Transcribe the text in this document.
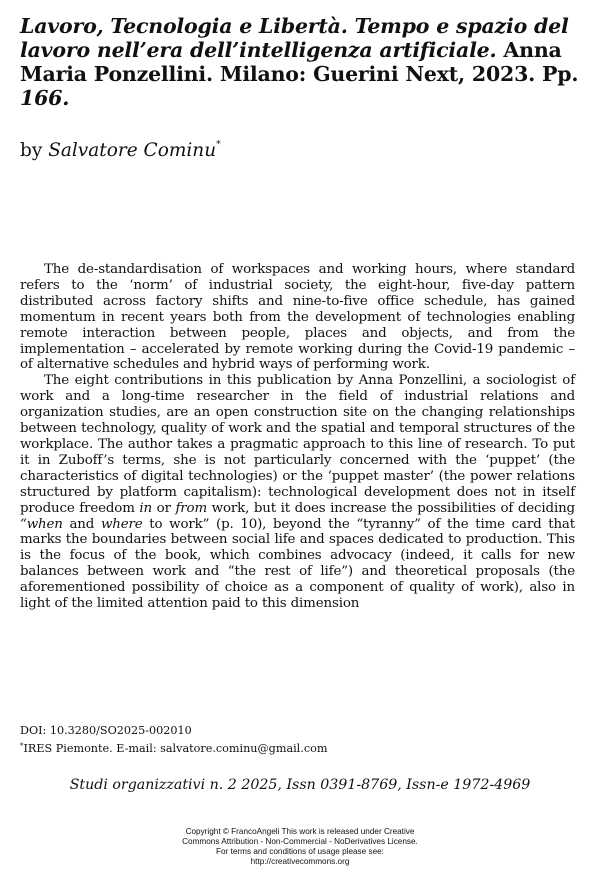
Lavoro, Tecnologia e Libertà. Tempo e spazio del lavoro nell’era dell’intelligenza artificiale. Anna Maria Ponzellini. Milano: Guerini Next, 2023. Pp. 166.
by Salvatore Cominu*

The de-standardisation of workspaces and working hours, where standard refers to the ‘norm’ of industrial society, the eight-hour, five-day pattern distributed across factory shifts and nine-to-five office schedule, has gained momentum in recent years both from the development of technologies enabling remote interaction between people, places and objects, and from the implementation – accelerated by remote working during the Covid-19 pandemic – of alternative schedules and hybrid ways of performing work.

The eight contributions in this publication by Anna Ponzellini, a sociologist of work and a long-time researcher in the field of industrial relations and organization studies, are an open construction site on the changing relationships between technology, quality of work and the spatial and temporal structures of the workplace. The author takes a pragmatic approach to this line of research. To put it in Zuboff’s terms, she is not particularly concerned with the ‘puppet’ (the characteristics of digital technologies) or the ‘puppet master’ (the power relations structured by platform capitalism): technological development does not in itself produce freedom in or from work, but it does increase the possibilities of deciding “when and where to work” (p. 10), beyond the “tyranny” of the time card that marks the boundaries between social life and spaces dedicated to production. This is the focus of the book, which combines advocacy (indeed, it calls for new balances between work and “the rest of life”) and theoretical proposals (the aforementioned possibility of choice as a component of quality of work), also in light of the limited attention paid to this dimension

DOI: 10.3280/SO2025-002010
*IRES Piemonte. E-mail: salvatore.cominu@gmail.com
Studi organizzativi n. 2 2025, Issn 0391-8769, Issn-e 1972-4969
Copyright © FrancoAngeli This work is released under Creative
Commons Attribution - Non-Commercial - NoDerivatives License.
For terms and conditions of usage please see:
http://creativecommons.org
